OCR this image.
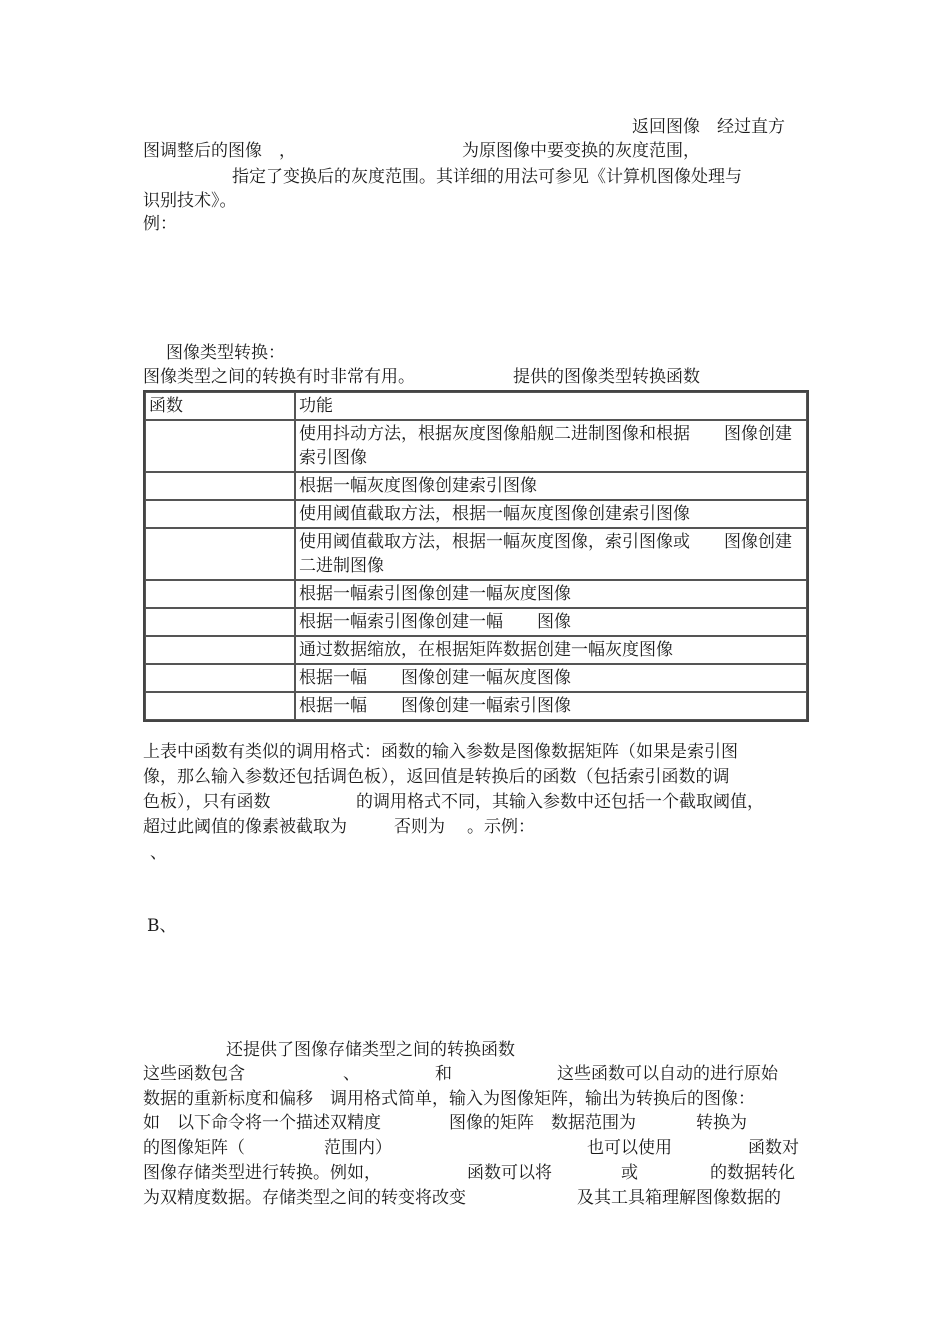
返回图像　经过直方
图调整后的图像　，	为原图像中要变换的灰度范围，
指定了变换后的灰度范围。其详细的用法可参见《计算机图像处理与
识别技术》。
例：
图像类型转换：
图像类型之间的转换有时非常有用。	提供的图像类型转换函数
函数	功能

	使用抖动方法，根据灰度图像船舰二进制图像和根据　　图像创建索引图像

	根据一幅灰度图像创建索引图像
	使用阈值截取方法，根据一幅灰度图像创建索引图像

	使用阈值截取方法，根据一幅灰度图像，索引图像或　　图像创建二进制图像

	根据一幅索引图像创建一幅灰度图像
	根据一幅索引图像创建一幅　　图像
	通过数据缩放，在根据矩阵数据创建一幅灰度图像
	根据一幅　　图像创建一幅灰度图像
	根据一幅　　图像创建一幅索引图像
上表中函数有类似的调用格式：函数的输入参数是图像数据矩阵（如果是索引图
像，那么输入参数还包括调色板），返回值是转换后的函数（包括索引函数的调
色板），只有函数	的调用格式不同，其输入参数中还包括一个截取阈值，
超过此阈值的像素被截取为	否则为 。示例：
、
B、
还提供了图像存储类型之间的转换函数
这些函数包含	、	和	这些函数可以自动的进行原始
数据的重新标度和偏移　调用格式简单，输入为图像矩阵，输出为转换后的图像：
如　以下命令将一个描述双精度	图像的矩阵　数据范围为	转换为
的图像矩阵（	范围内）	也可以使用	函数对
图像存储类型进行转换。例如，	函数可以将	或	的数据转化
为双精度数据。存储类型之间的转变将改变	及其工具箱理解图像数据的
